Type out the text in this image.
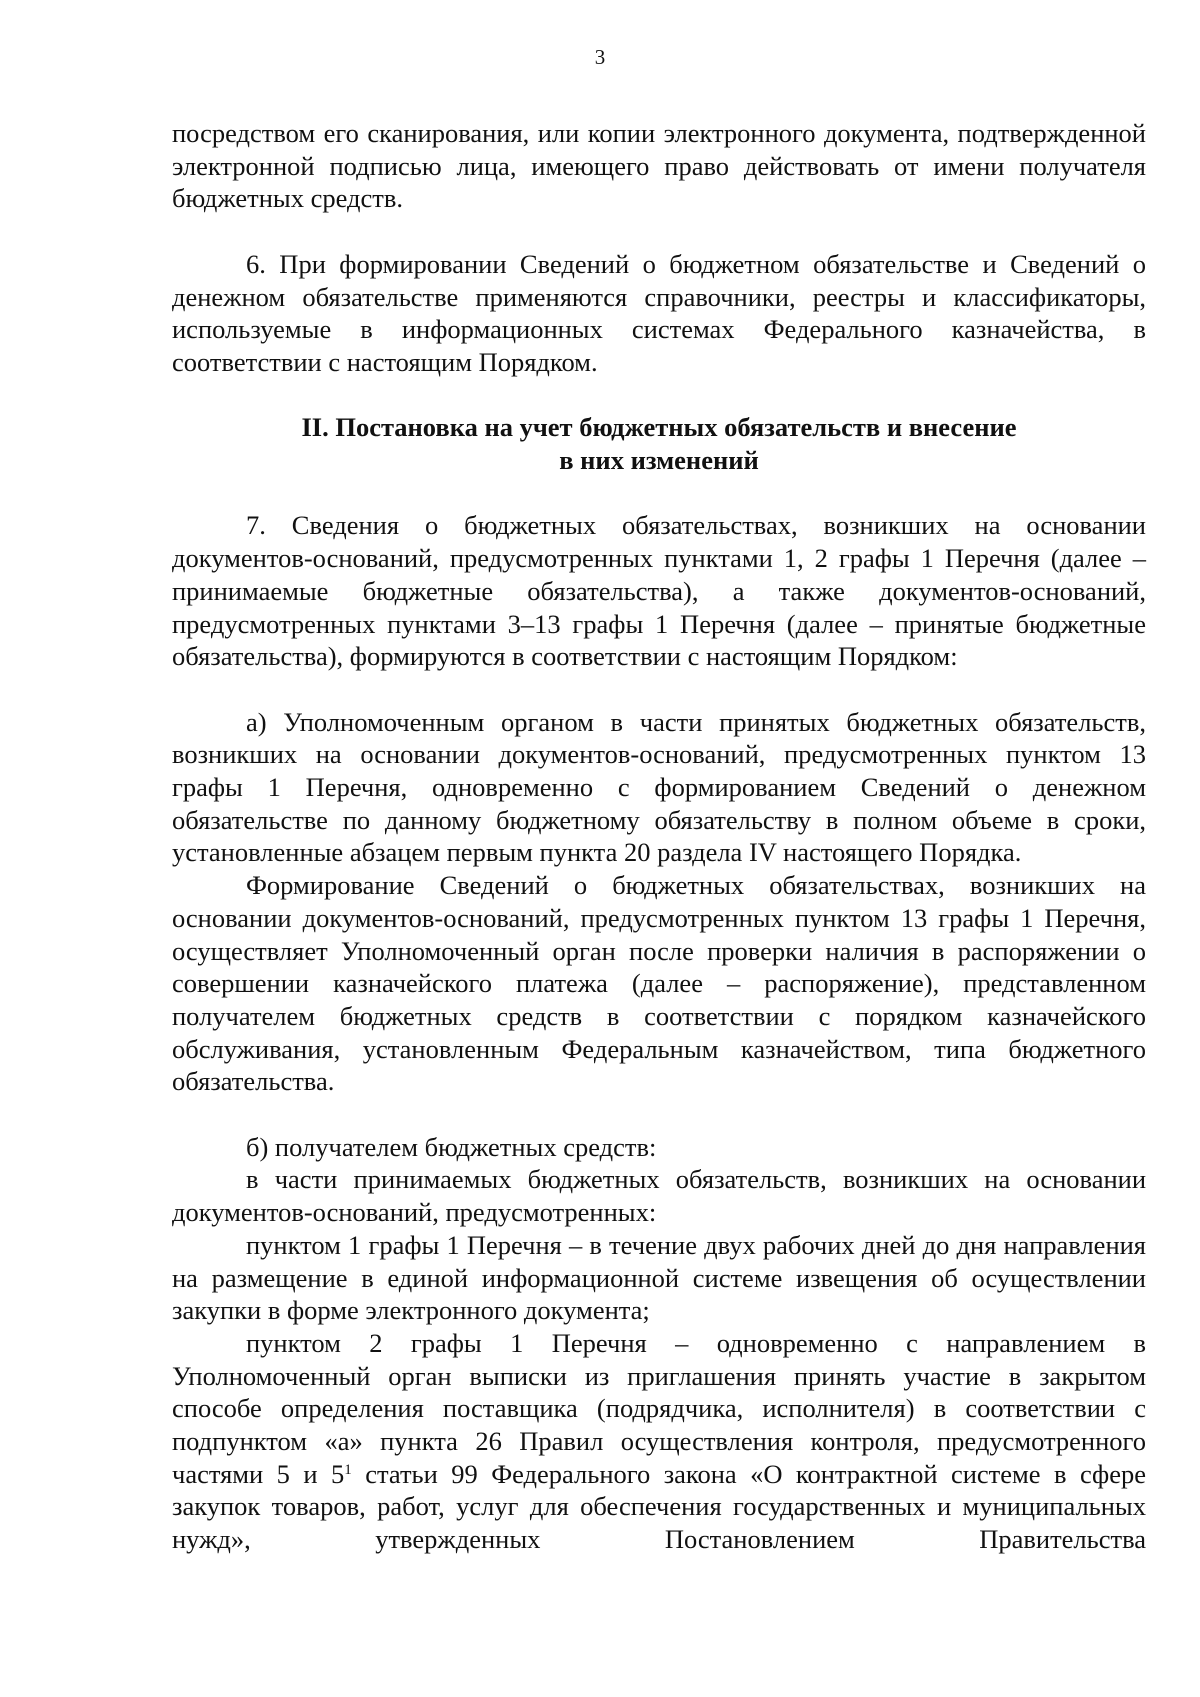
3

посредством его сканирования, или копии электронного документа, подтвержденной электронной подписью лица, имеющего право действовать от имени получателя бюджетных средств.

6. При формировании Сведений о бюджетном обязательстве и Сведений о денежном обязательстве применяются справочники, реестры и классификаторы, используемые в информационных системах Федерального казначейства, в соответствии с настоящим Порядком.

II. Постановка на учет бюджетных обязательств и внесение
в них изменений

7. Сведения о бюджетных обязательствах, возникших на основании документов-оснований, предусмотренных пунктами 1, 2 графы 1 Перечня (далее – принимаемые бюджетные обязательства), а также документов-оснований, предусмотренных пунктами 3–13 графы 1 Перечня (далее – принятые бюджетные обязательства), формируются в соответствии с настоящим Порядком:

а) Уполномоченным органом в части принятых бюджетных обязательств, возникших на основании документов-оснований, предусмотренных пунктом 13 графы 1 Перечня, одновременно с формированием Сведений о денежном обязательстве по данному бюджетному обязательству в полном объеме в сроки, установленные абзацем первым пункта 20 раздела IV настоящего Порядка.

Формирование Сведений о бюджетных обязательствах, возникших на основании документов-оснований, предусмотренных пунктом 13 графы 1 Перечня, осуществляет Уполномоченный орган после проверки наличия в распоряжении о совершении казначейского платежа (далее – распоряжение), представленном получателем бюджетных средств в соответствии с порядком казначейского обслуживания, установленным Федеральным казначейством, типа бюджетного обязательства.

б) получателем бюджетных средств:

в части принимаемых бюджетных обязательств, возникших на основании документов-оснований, предусмотренных:

пунктом 1 графы 1 Перечня – в течение двух рабочих дней до дня направления на размещение в единой информационной системе извещения об осуществлении закупки в форме электронного документа;

пунктом 2 графы 1 Перечня – одновременно с направлением в Уполномоченный орган выписки из приглашения принять участие в закрытом способе определения поставщика (подрядчика, исполнителя) в соответствии с подпунктом «а» пункта 26 Правил осуществления контроля, предусмотренного частями 5 и $5^1$ статьи 99 Федерального закона «О контрактной системе в сфере закупок товаров, работ, услуг для обеспечения государственных и муниципальных нужд», утвержденных Постановлением Правительства
